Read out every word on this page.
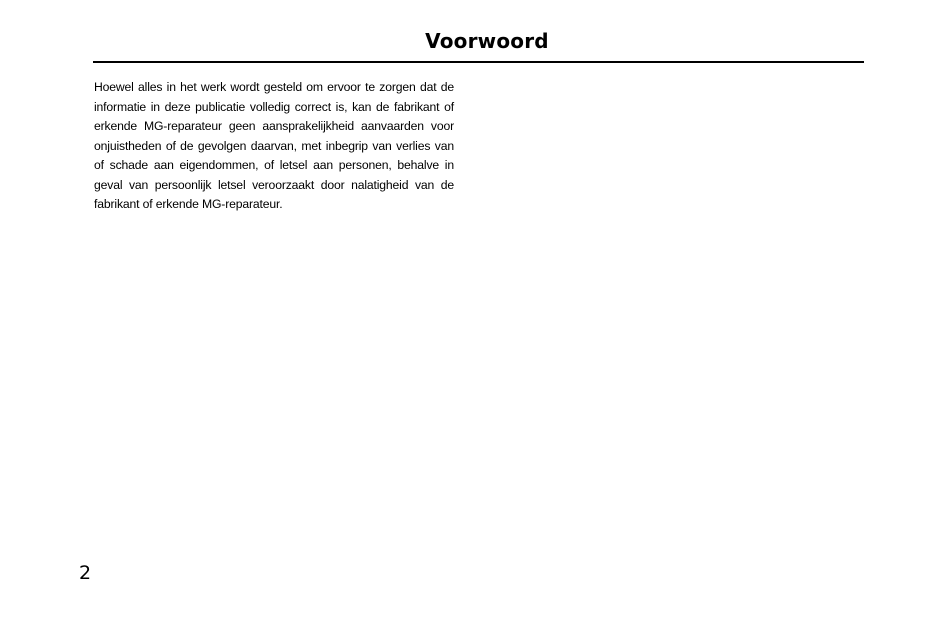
Voorwoord

Hoewel alles in het werk wordt gesteld om ervoor te zorgen dat de informatie in deze publicatie volledig correct is, kan de fabrikant of erkende MG-reparateur geen aansprakelijkheid aanvaarden voor onjuistheden of de gevolgen daarvan, met inbegrip van verlies van of schade aan eigendommen, of letsel aan personen, behalve in geval van persoonlijk letsel veroorzaakt door nalatigheid van de fabrikant of erkende MG-reparateur.

2
